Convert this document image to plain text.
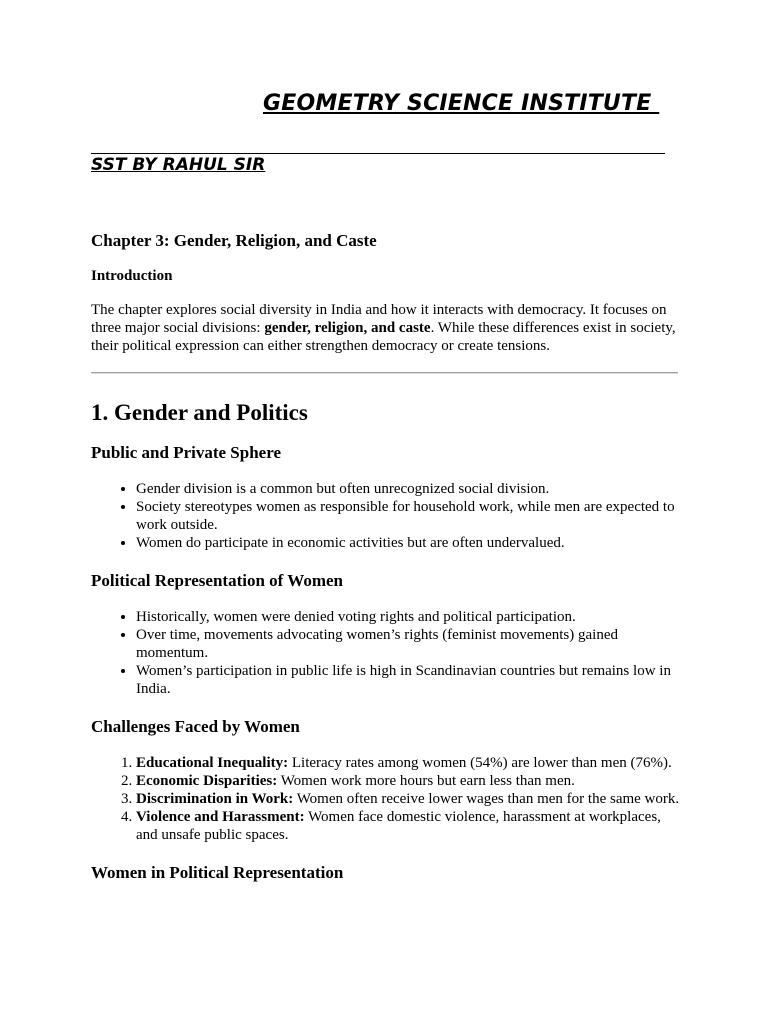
GEOMETRY SCIENCE INSTITUTE
SST BY RAHUL SIR
Chapter 3: Gender, Religion, and Caste
Introduction

The chapter explores social diversity in India and how it interacts with democracy. It focuses on three major social divisions: gender, religion, and caste. While these differences exist in society, their political expression can either strengthen democracy or create tensions.

1. Gender and Politics
Public and Private Sphere
• Gender division is a common but often unrecognized social division.
• Society stereotypes women as responsible for household work, while men are expected to work outside.
• Women do participate in economic activities but are often undervalued.
Political Representation of Women
• Historically, women were denied voting rights and political participation.
• Over time, movements advocating women’s rights (feminist movements) gained momentum.
• Women’s participation in public life is high in Scandinavian countries but remains low in India.
Challenges Faced by Women
1. Educational Inequality: Literacy rates among women (54%) are lower than men (76%).
2. Economic Disparities: Women work more hours but earn less than men.
3. Discrimination in Work: Women often receive lower wages than men for the same work.
4. Violence and Harassment: Women face domestic violence, harassment at workplaces, and unsafe public spaces.
Women in Political Representation
